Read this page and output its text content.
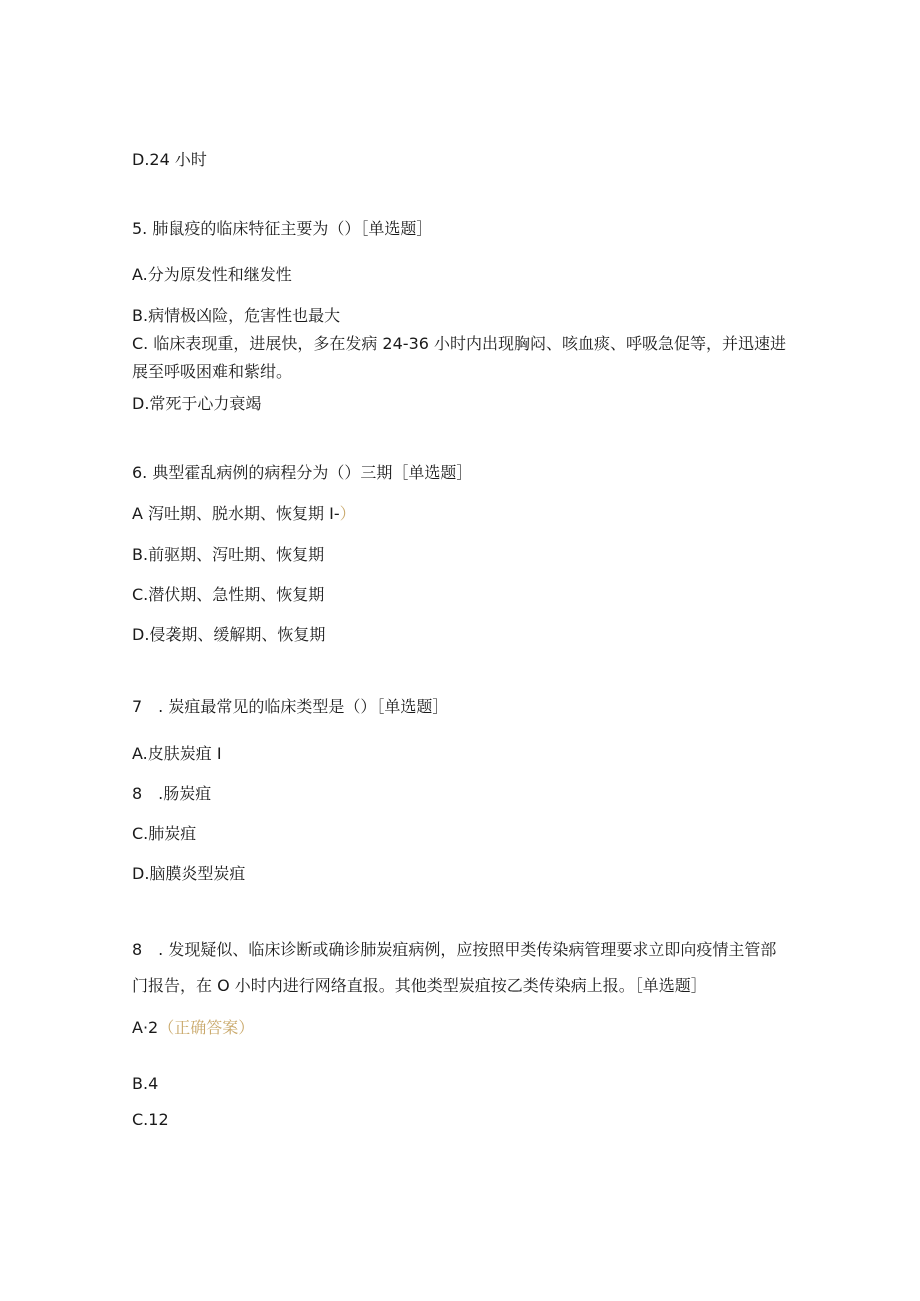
D.24 小时
5. 肺鼠疫的临床特征主要为（）［单选题］
A.分为原发性和继发性
B.病情极凶险，危害性也最大
C. 临床表现重，进展快，多在发病 24-36 小时内出现胸闷、咳血痰、呼吸急促等，并迅速进展至呼吸困难和紫绀。
D.常死于心力衰竭
6. 典型霍乱病例的病程分为（）三期［单选题］
A 泻吐期、脱水期、恢复期 I-）
B.前驱期、泻吐期、恢复期
C.潜伏期、急性期、恢复期
D.侵袭期、缓解期、恢复期
7　. 炭疽最常见的临床类型是（）［单选题］
A.皮肤炭疽 I
8　.肠炭疽
C.肺炭疽
D.脑膜炎型炭疽
8　. 发现疑似、临床诊断或确诊肺炭疽病例，应按照甲类传染病管理要求立即向疫情主管部门报告，在 O 小时内进行网络直报。其他类型炭疽按乙类传染病上报。［单选题］
A·2（正确答案）
B.4
C.12
